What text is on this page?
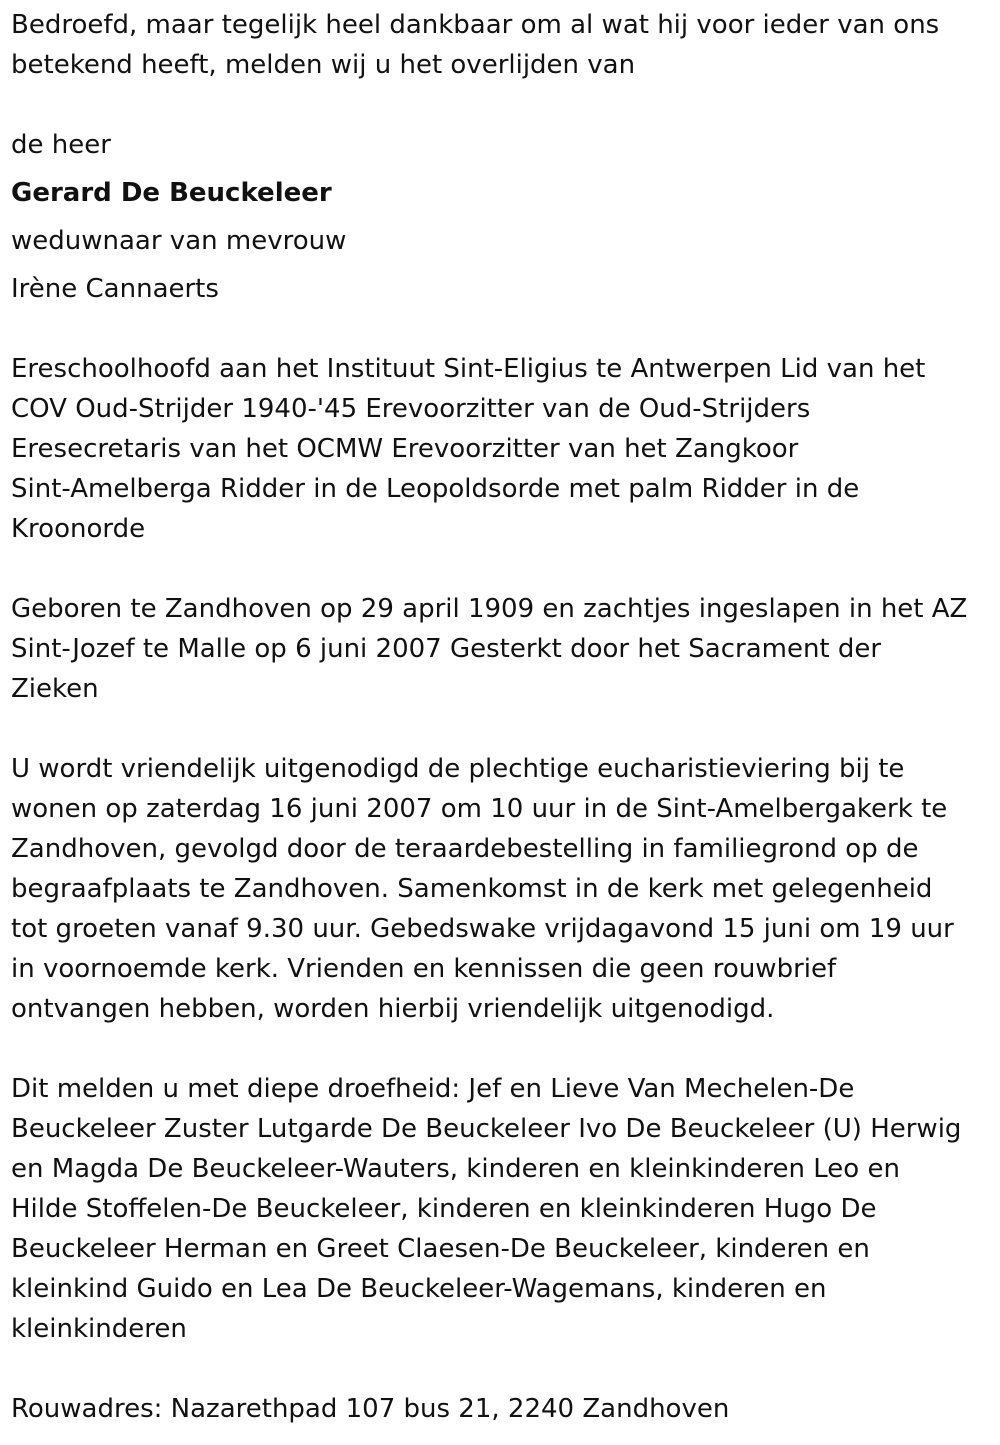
Bedroefd, maar tegelijk heel dankbaar om al wat hij voor ieder van ons
betekend heeft, melden wij u het overlijden van

de heer

Gerard De Beuckeleer

weduwnaar van mevrouw

Irène Cannaerts

Ereschoolhoofd aan het Instituut Sint-Eligius te Antwerpen Lid van het
COV Oud-Strijder 1940-'45 Erevoorzitter van de Oud-Strijders
Eresecretaris van het OCMW Erevoorzitter van het Zangkoor
Sint-Amelberga Ridder in de Leopoldsorde met palm Ridder in de
Kroonorde

Geboren te Zandhoven op 29 april 1909 en zachtjes ingeslapen in het AZ
Sint-Jozef te Malle op 6 juni 2007 Gesterkt door het Sacrament der
Zieken

U wordt vriendelijk uitgenodigd de plechtige eucharistieviering bij te
wonen op zaterdag 16 juni 2007 om 10 uur in de Sint-Amelbergakerk te
Zandhoven, gevolgd door de teraardebestelling in familiegrond op de
begraafplaats te Zandhoven. Samenkomst in de kerk met gelegenheid
tot groeten vanaf 9.30 uur. Gebedswake vrijdagavond 15 juni om 19 uur
in voornoemde kerk. Vrienden en kennissen die geen rouwbrief
ontvangen hebben, worden hierbij vriendelijk uitgenodigd.

Dit melden u met diepe droefheid: Jef en Lieve Van Mechelen-De
Beuckeleer Zuster Lutgarde De Beuckeleer Ivo De Beuckeleer (U) Herwig
en Magda De Beuckeleer-Wauters, kinderen en kleinkinderen Leo en
Hilde Stoffelen-De Beuckeleer, kinderen en kleinkinderen Hugo De
Beuckeleer Herman en Greet Claesen-De Beuckeleer, kinderen en
kleinkind Guido en Lea De Beuckeleer-Wagemans, kinderen en
kleinkinderen

Rouwadres: Nazarethpad 107 bus 21, 2240 Zandhoven
